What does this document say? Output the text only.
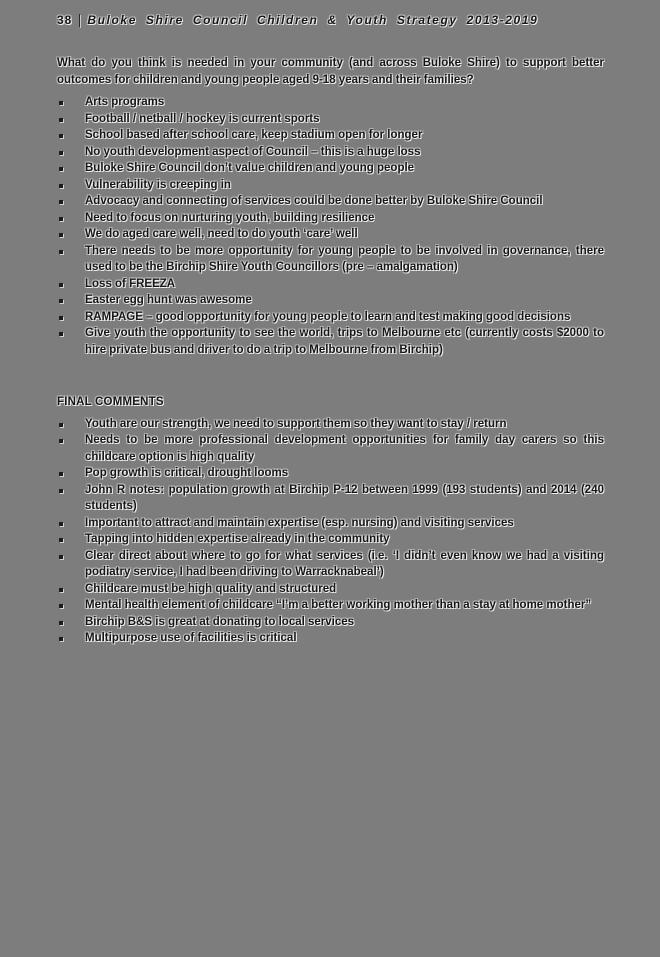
38 Buloke Shire Council Children & Youth Strategy 2013-2019
What do you think is needed in your community (and across Buloke Shire) to support better outcomes for children and young people aged 9-18 years and their families?
Arts programs
Football / netball / hockey is current sports
School based after school care, keep stadium open for longer
No youth development aspect of Council – this is a huge loss
Buloke Shire Council don’t value children and young people
Vulnerability is creeping in
Advocacy and connecting of services could be done better by Buloke Shire Council
Need to focus on nurturing youth, building resilience
We do aged care well, need to do youth ‘care’ well
There needs to be more opportunity for young people to be involved in governance, there used to be the Birchip Shire Youth Councillors (pre – amalgamation)
Loss of FREEZA
Easter egg hunt was awesome
RAMPAGE – good opportunity for young people to learn and test making good decisions
Give youth the opportunity to see the world, trips to Melbourne etc (currently costs $2000 to hire private bus and driver to do a trip to Melbourne from Birchip)
FINAL COMMENTS
Youth are our strength, we need to support them so they want to stay / return
Needs to be more professional development opportunities for family day carers so this childcare option is high quality
Pop growth is critical, drought looms
John R notes: population growth at Birchip P-12 between 1999 (193 students) and 2014 (240 students)
Important to attract and maintain expertise (esp. nursing) and visiting services
Tapping into hidden expertise already in the community
Clear direct about where to go for what services (i.e. ‘I didn’t even know we had a visiting podiatry service, I had been driving to Warracknabeal’)
Childcare must be high quality and structured
Mental health element of childcare “I’m a better working mother than a stay at home mother”
Birchip B&S is great at donating to local services
Multipurpose use of facilities is critical
